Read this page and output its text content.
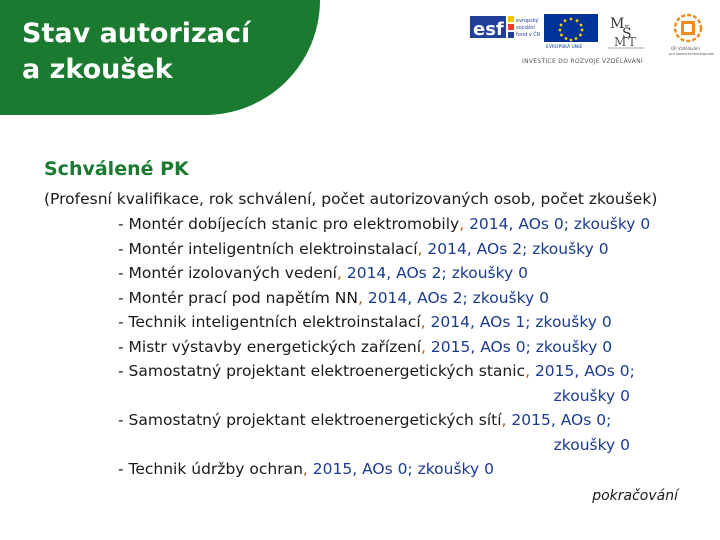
Stav autorizací
a zkoušek
esf evropský
sociální
fond v ČR
EVROPSKÁ UNIE
M
Š
M T	OP Vzdělávání
pro konkurenceschopnost
INVESTICE DO ROZVOJE VZDĚLÁVÁNÍ
Schválené PK
(Profesní kvalifikace, rok schválení, počet autorizovaných osob, počet zkoušek)
- Montér dobíjecích stanic pro elektromobily, 2014, AOs 0; zkoušky 0
- Montér inteligentních elektroinstalací, 2014, AOs 2; zkoušky 0
- Montér izolovaných vedení, 2014, AOs 2; zkoušky 0
- Montér prací pod napětím NN, 2014, AOs 2; zkoušky 0
- Technik inteligentních elektroinstalací, 2014, AOs 1; zkoušky 0
- Mistr výstavby energetických zařízení, 2015, AOs 0; zkoušky 0
- Samostatný projektant elektroenergetických stanic, 2015, AOs 0;
zkoušky 0
- Samostatný projektant elektroenergetických sítí, 2015, AOs 0;
zkoušky 0
- Technik údržby ochran, 2015, AOs 0; zkoušky 0
pokračování
